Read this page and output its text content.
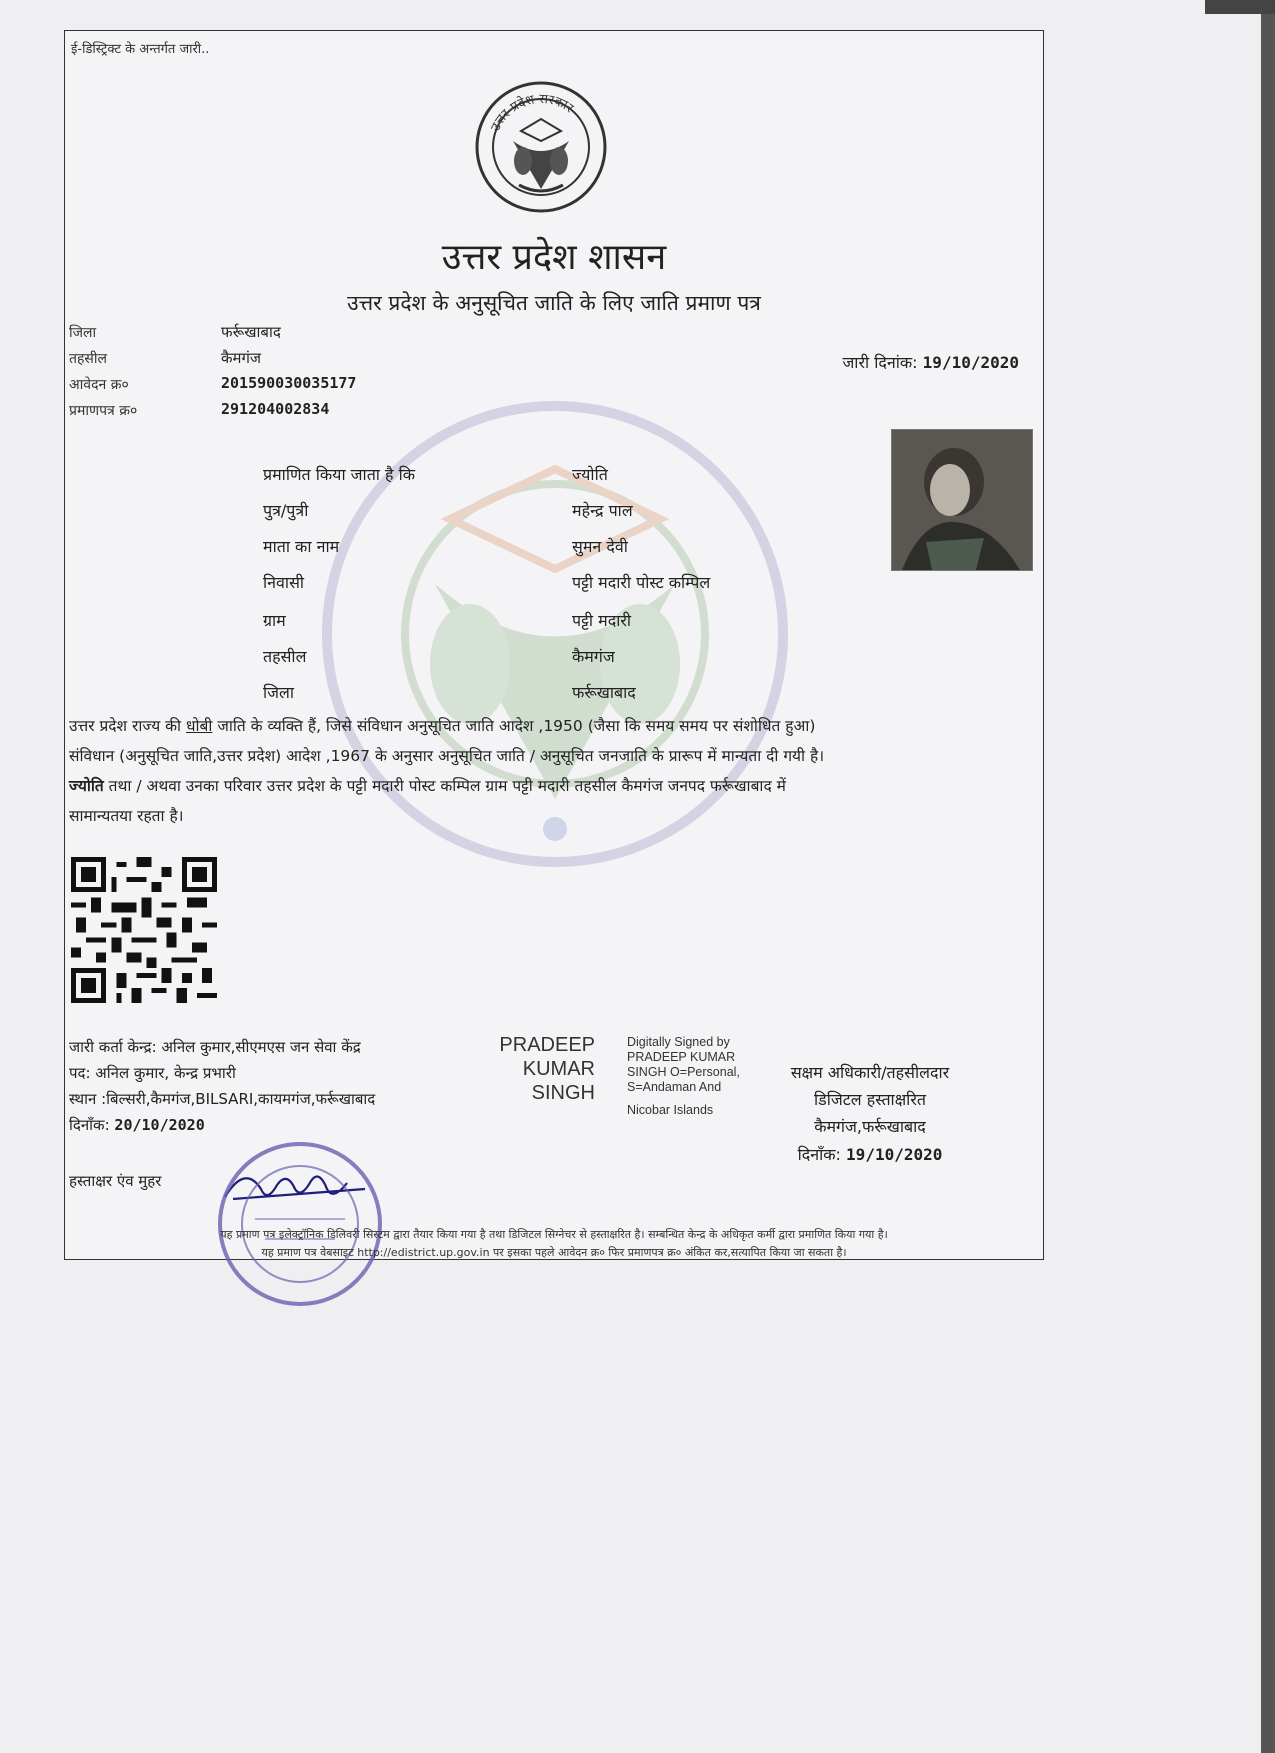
ई-डिस्ट्रिक्ट के अन्तर्गत जारी..
उत्तर प्रदेश सरकार
उत्तर प्रदेश शासन
उत्तर प्रदेश के अनुसूचित जाति के लिए जाति प्रमाण पत्र
जिला	फर्रूखाबाद
तहसील	कैमगंज
आवेदन क्र०	201590030035177
प्रमाणपत्र क्र०	291204002834
जारी दिनांक: 19/10/2020
प्रमाणित किया जाता है कि	ज्योति
पुत्र/पुत्री	महेन्द्र पाल
माता का नाम	सुमन देवी
निवासी	पट्टी मदारी पोस्ट कम्पिल
ग्राम	पट्टी मदारी
तहसील	कैमगंज
जिला	फर्रूखाबाद
उत्तर प्रदेश राज्य की धोबी जाति के व्यक्ति हैं, जिसे संविधान अनुसूचित जाति आदेश ,1950 (जैसा कि समय समय पर संशोधित हुआ)
संविधान (अनुसूचित जाति,उत्तर प्रदेश) आदेश ,1967 के अनुसार अनुसूचित जाति / अनुसूचित जनजाति के प्रारूप में मान्यता दी गयी है।
ज्योति तथा / अथवा उनका परिवार उत्तर प्रदेश के पट्टी मदारी पोस्ट कम्पिल ग्राम पट्टी मदारी तहसील कैमगंज जनपद फर्रूखाबाद में
सामान्यतया रहता है।
जारी कर्ता केन्द्र: अनिल कुमार,सीएमएस जन सेवा केंद्र
पद: अनिल कुमार, केन्द्र प्रभारी
स्थान :बिल्सरी,कैमगंज,BILSARI,कायमगंज,फर्रूखाबाद
दिनाँक: 20/10/2020
PRADEEP
KUMAR
SINGH
Digitally Signed by PRADEEP KUMAR SINGH O=Personal, S=Andaman And
Nicobar Islands
सक्षम अधिकारी/तहसीलदार
डिजिटल हस्ताक्षरित
कैमगंज,फर्रूखाबाद
दिनाँक: 19/10/2020
हस्ताक्षर एंव मुहर
यह प्रमाण पत्र इलेक्ट्रॉनिक डिलिवरी सिस्टम द्वारा तैयार किया गया है तथा डिजिटल सिग्नेचर से हस्ताक्षरित है। सम्बन्धित केन्द्र के अधिकृत कर्मी द्वारा प्रमाणित किया गया है।
यह प्रमाण पत्र वेबसाइट http://edistrict.up.gov.in पर इसका पहले आवेदन क्र० फिर प्रमाणपत्र क्र० अंकित कर,सत्यापित किया जा सकता है।
